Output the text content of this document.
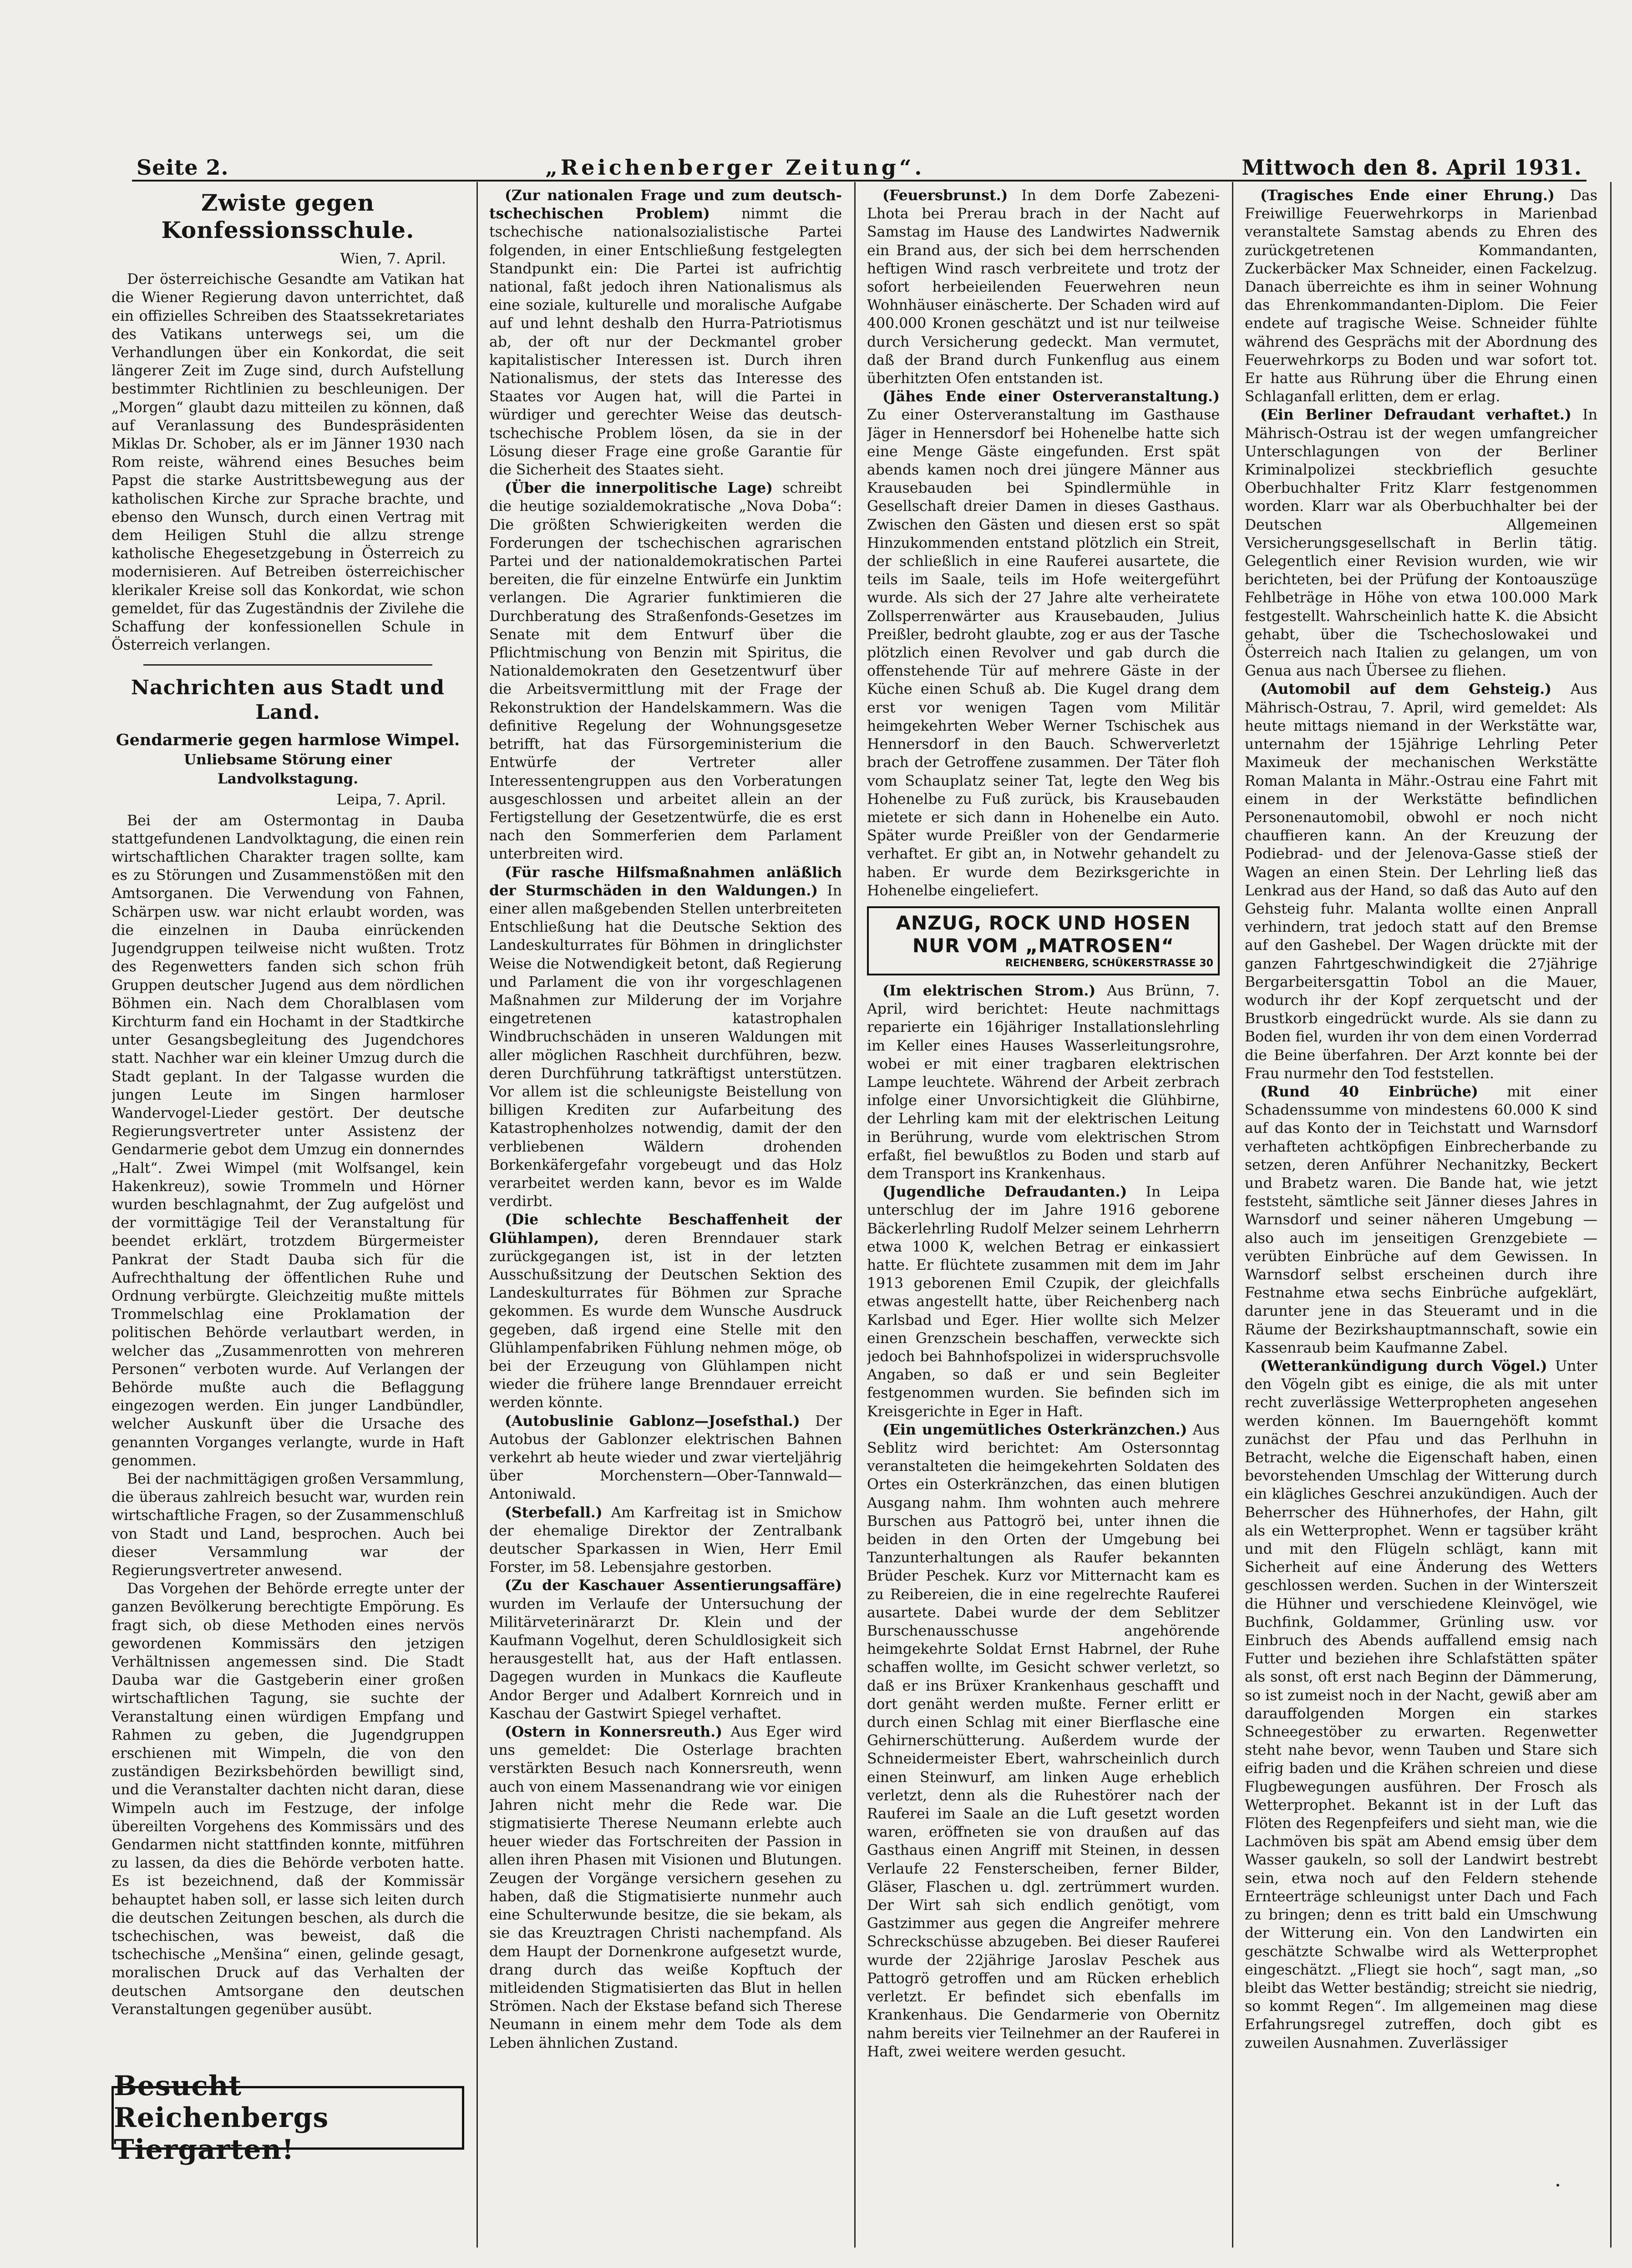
Seite 2.	„Reichenberger Zeitung“.	Mittwoch den 8. April 1931.
Zwiste gegen Konfessionsschule.
Wien, 7. April.

Der österreichische Gesandte am Vatikan hat die Wiener Regierung davon unterrichtet, daß ein offizielles Schreiben des Staatssekretariates des Vatikans unterwegs sei, um die Verhandlungen über ein Konkordat, die seit längerer Zeit im Zuge sind, durch Aufstellung bestimmter Richtlinien zu beschleunigen. Der „Morgen“ glaubt dazu mitteilen zu können, daß auf Veranlassung des Bundespräsidenten Miklas Dr. Schober, als er im Jänner 1930 nach Rom reiste, während eines Besuches beim Papst die starke Austrittsbewegung aus der katholischen Kirche zur Sprache brachte, und ebenso den Wunsch, durch einen Vertrag mit dem Heiligen Stuhl die allzu strenge katholische Ehegesetzgebung in Österreich zu modernisieren. Auf Betreiben österreichischer klerikaler Kreise soll das Konkordat, wie schon gemeldet, für das Zugeständnis der Zivilehe die Schaffung der konfessionellen Schule in Österreich verlangen.

Nachrichten aus Stadt und Land.
Gendarmerie gegen harmlose Wimpel.
Unliebsame Störung einer Landvolkstagung.
Leipa, 7. April.

Bei der am Ostermontag in Dauba stattgefundenen Landvolktagung, die einen rein wirtschaftlichen Charakter tragen sollte, kam es zu Störungen und Zusammenstößen mit den Amtsorganen. Die Verwendung von Fahnen, Schärpen usw. war nicht erlaubt worden, was die einzelnen in Dauba einrückenden Jugendgruppen teilweise nicht wußten. Trotz des Regenwetters fanden sich schon früh Gruppen deutscher Jugend aus dem nördlichen Böhmen ein. Nach dem Choralblasen vom Kirchturm fand ein Hochamt in der Stadtkirche unter Gesangsbegleitung des Jugendchores statt. Nachher war ein kleiner Umzug durch die Stadt geplant. In der Talgasse wurden die jungen Leute im Singen harmloser Wandervogel-Lieder gestört. Der deutsche Regierungsvertreter unter Assistenz der Gendarmerie gebot dem Umzug ein donnerndes „Halt“. Zwei Wimpel (mit Wolfsangel, kein Hakenkreuz), sowie Trommeln und Hörner wurden beschlagnahmt, der Zug aufgelöst und der vormittägige Teil der Veranstaltung für beendet erklärt, trotzdem Bürgermeister Pankrat der Stadt Dauba sich für die Aufrechthaltung der öffentlichen Ruhe und Ordnung verbürgte. Gleichzeitig mußte mittels Trommelschlag eine Proklamation der politischen Behörde verlautbart werden, in welcher das „Zusammenrotten von mehreren Personen“ verboten wurde. Auf Verlangen der Behörde mußte auch die Beflaggung eingezogen werden. Ein junger Landbündler, welcher Auskunft über die Ursache des genannten Vorganges verlangte, wurde in Haft genommen.

Bei der nachmittägigen großen Versammlung, die überaus zahlreich besucht war, wurden rein wirtschaftliche Fragen, so der Zusammenschluß von Stadt und Land, besprochen. Auch bei dieser Versammlung war der Regierungsvertreter anwesend.

Das Vorgehen der Behörde erregte unter der ganzen Bevölkerung berechtigte Empörung. Es fragt sich, ob diese Methoden eines nervös gewordenen Kommissärs den jetzigen Verhältnissen angemessen sind. Die Stadt Dauba war die Gastgeberin einer großen wirtschaftlichen Tagung, sie suchte der Veranstaltung einen würdigen Empfang und Rahmen zu geben, die Jugendgruppen erschienen mit Wimpeln, die von den zuständigen Bezirksbehörden bewilligt sind, und die Veranstalter dachten nicht daran, diese Wimpeln auch im Festzuge, der infolge übereilten Vorgehens des Kommissärs und des Gendarmen nicht stattfinden konnte, mitführen zu lassen, da dies die Behörde verboten hatte. Es ist bezeichnend, daß der Kommissär behauptet haben soll, er lasse sich leiten durch die deutschen Zeitungen beschen, als durch die tschechischen, was beweist, daß die tschechische „Menšina“ einen, gelinde gesagt, moralischen Druck auf das Verhalten der deutschen Amtsorgane den deutschen Veranstaltungen gegenüber ausübt.

Besucht Reichenbergs Tiergarten!

(Zur nationalen Frage und zum deutsch-tschechischen Problem) nimmt die tschechische nationalsozialistische Partei folgenden, in einer Entschließung festgelegten Standpunkt ein: Die Partei ist aufrichtig national, faßt jedoch ihren Nationalismus als eine soziale, kulturelle und moralische Aufgabe auf und lehnt deshalb den Hurra-Patriotismus ab, der oft nur der Deckmantel grober kapitalistischer Interessen ist. Durch ihren Nationalismus, der stets das Interesse des Staates vor Augen hat, will die Partei in würdiger und gerechter Weise das deutsch-tschechische Problem lösen, da sie in der Lösung dieser Frage eine große Garantie für die Sicherheit des Staates sieht.

(Über die innerpolitische Lage) schreibt die heutige sozialdemokratische „Nova Doba“: Die größten Schwierigkeiten werden die Forderungen der tschechischen agrarischen Partei und der nationaldemokratischen Partei bereiten, die für einzelne Entwürfe ein Junktim verlangen. Die Agrarier funktimieren die Durchberatung des Straßenfonds-Gesetzes im Senate mit dem Entwurf über die Pflichtmischung von Benzin mit Spiritus, die Nationaldemokraten den Gesetzentwurf über die Arbeitsvermittlung mit der Frage der Rekonstruktion der Handelskammern. Was die definitive Regelung der Wohnungsgesetze betrifft, hat das Fürsorgeministerium die Entwürfe der Vertreter aller Interessentengruppen aus den Vorberatungen ausgeschlossen und arbeitet allein an der Fertigstellung der Gesetzentwürfe, die es erst nach den Sommerferien dem Parlament unterbreiten wird.

(Für rasche Hilfsmaßnahmen anläßlich der Sturmschäden in den Waldungen.) In einer allen maßgebenden Stellen unterbreiteten Entschließung hat die Deutsche Sektion des Landeskulturrates für Böhmen in dringlichster Weise die Notwendigkeit betont, daß Regierung und Parlament die von ihr vorgeschlagenen Maßnahmen zur Milderung der im Vorjahre eingetretenen katastrophalen Windbruchschäden in unseren Waldungen mit aller möglichen Raschheit durchführen, bezw. deren Durchführung tatkräftigst unterstützen. Vor allem ist die schleunigste Beistellung von billigen Krediten zur Aufarbeitung des Katastrophenholzes notwendig, damit der den verbliebenen Wäldern drohenden Borkenkäfergefahr vorgebeugt und das Holz verarbeitet werden kann, bevor es im Walde verdirbt.

(Die schlechte Beschaffenheit der Glühlampen), deren Brenndauer stark zurückgegangen ist, ist in der letzten Ausschußsitzung der Deutschen Sektion des Landeskulturrates für Böhmen zur Sprache gekommen. Es wurde dem Wunsche Ausdruck gegeben, daß irgend eine Stelle mit den Glühlampenfabriken Fühlung nehmen möge, ob bei der Erzeugung von Glühlampen nicht wieder die frühere lange Brenndauer erreicht werden könnte.

(Autobuslinie Gablonz—Josefsthal.) Der Autobus der Gablonzer elektrischen Bahnen verkehrt ab heute wieder und zwar vierteljährig über Morchenstern—Ober-Tannwald—Antoniwald.

(Sterbefall.) Am Karfreitag ist in Smichow der ehemalige Direktor der Zentralbank deutscher Sparkassen in Wien, Herr Emil Forster, im 58. Lebensjahre gestorben.

(Zu der Kaschauer Assentierungsaffäre) wurden im Verlaufe der Untersuchung der Militärveterinärarzt Dr. Klein und der Kaufmann Vogelhut, deren Schuldlosigkeit sich herausgestellt hat, aus der Haft entlassen. Dagegen wurden in Munkacs die Kaufleute Andor Berger und Adalbert Kornreich und in Kaschau der Gastwirt Spiegel verhaftet.

(Ostern in Konnersreuth.) Aus Eger wird uns gemeldet: Die Osterlage brachten verstärkten Besuch nach Konnersreuth, wenn auch von einem Massenandrang wie vor einigen Jahren nicht mehr die Rede war. Die stigmatisierte Therese Neumann erlebte auch heuer wieder das Fortschreiten der Passion in allen ihren Phasen mit Visionen und Blutungen. Zeugen der Vorgänge versichern gesehen zu haben, daß die Stigmatisierte nunmehr auch eine Schulterwunde besitze, die sie bekam, als sie das Kreuztragen Christi nachempfand. Als dem Haupt der Dornenkrone aufgesetzt wurde, drang durch das weiße Kopftuch der mitleidenden Stigmatisierten das Blut in hellen Strömen. Nach der Ekstase befand sich Therese Neumann in einem mehr dem Tode als dem Leben ähnlichen Zustand.

(Feuersbrunst.) In dem Dorfe Zabezeni-Lhota bei Prerau brach in der Nacht auf Samstag im Hause des Landwirtes Nadwernik ein Brand aus, der sich bei dem herrschenden heftigen Wind rasch verbreitete und trotz der sofort herbeieilenden Feuerwehren neun Wohnhäuser einäscherte. Der Schaden wird auf 400.000 Kronen geschätzt und ist nur teilweise durch Versicherung gedeckt. Man vermutet, daß der Brand durch Funkenflug aus einem überhitzten Ofen entstanden ist.

(Jähes Ende einer Osterveranstaltung.) Zu einer Osterveranstaltung im Gasthause Jäger in Hennersdorf bei Hohenelbe hatte sich eine Menge Gäste eingefunden. Erst spät abends kamen noch drei jüngere Männer aus Krausebauden bei Spindlermühle in Gesellschaft dreier Damen in dieses Gasthaus. Zwischen den Gästen und diesen erst so spät Hinzukommenden entstand plötzlich ein Streit, der schließlich in eine Rauferei ausartete, die teils im Saale, teils im Hofe weitergeführt wurde. Als sich der 27 Jahre alte verheiratete Zollsperrenwärter aus Krausebauden, Julius Preißler, bedroht glaubte, zog er aus der Tasche plötzlich einen Revolver und gab durch die offenstehende Tür auf mehrere Gäste in der Küche einen Schuß ab. Die Kugel drang dem erst vor wenigen Tagen vom Militär heimgekehrten Weber Werner Tschischek aus Hennersdorf in den Bauch. Schwerverletzt brach der Getroffene zusammen. Der Täter floh vom Schauplatz seiner Tat, legte den Weg bis Hohenelbe zu Fuß zurück, bis Krausebauden mietete er sich dann in Hohenelbe ein Auto. Später wurde Preißler von der Gendarmerie verhaftet. Er gibt an, in Notwehr gehandelt zu haben. Er wurde dem Bezirksgerichte in Hohenelbe eingeliefert.

ANZUG, ROCK UND HOSEN
NUR VOM „MATROSEN“
REICHENBERG, SCHÜKERSTRASSE 30

(Im elektrischen Strom.) Aus Brünn, 7. April, wird berichtet: Heute nachmittags reparierte ein 16jähriger Installationslehrling im Keller eines Hauses Wasserleitungsrohre, wobei er mit einer tragbaren elektrischen Lampe leuchtete. Während der Arbeit zerbrach infolge einer Unvorsichtigkeit die Glühbirne, der Lehrling kam mit der elektrischen Leitung in Berührung, wurde vom elektrischen Strom erfaßt, fiel bewußtlos zu Boden und starb auf dem Transport ins Krankenhaus.

(Jugendliche Defraudanten.) In Leipa unterschlug der im Jahre 1916 geborene Bäckerlehrling Rudolf Melzer seinem Lehrherrn etwa 1000 K, welchen Betrag er einkassiert hatte. Er flüchtete zusammen mit dem im Jahr 1913 geborenen Emil Czupik, der gleichfalls etwas angestellt hatte, über Reichenberg nach Karlsbad und Eger. Hier wollte sich Melzer einen Grenzschein beschaffen, verweckte sich jedoch bei Bahnhofspolizei in widerspruchsvolle Angaben, so daß er und sein Begleiter festgenommen wurden. Sie befinden sich im Kreisgerichte in Eger in Haft.

(Ein ungemütliches Osterkränzchen.) Aus Seblitz wird berichtet: Am Ostersonntag veranstalteten die heimgekehrten Soldaten des Ortes ein Osterkränzchen, das einen blutigen Ausgang nahm. Ihm wohnten auch mehrere Burschen aus Pattogrö bei, unter ihnen die beiden in den Orten der Umgebung bei Tanzunterhaltungen als Raufer bekannten Brüder Peschek. Kurz vor Mitternacht kam es zu Reibereien, die in eine regelrechte Rauferei ausartete. Dabei wurde der dem Seblitzer Burschenausschusse angehörende heimgekehrte Soldat Ernst Habrnel, der Ruhe schaffen wollte, im Gesicht schwer verletzt, so daß er ins Brüxer Krankenhaus geschafft und dort genäht werden mußte. Ferner erlitt er durch einen Schlag mit einer Bierflasche eine Gehirnerschütterung. Außerdem wurde der Schneidermeister Ebert, wahrscheinlich durch einen Steinwurf, am linken Auge erheblich verletzt, denn als die Ruhestörer nach der Rauferei im Saale an die Luft gesetzt worden waren, eröffneten sie von draußen auf das Gasthaus einen Angriff mit Steinen, in dessen Verlaufe 22 Fensterscheiben, ferner Bilder, Gläser, Flaschen u. dgl. zertrümmert wurden. Der Wirt sah sich endlich genötigt, vom Gastzimmer aus gegen die Angreifer mehrere Schreckschüsse abzugeben. Bei dieser Rauferei wurde der 22jährige Jaroslav Peschek aus Pattogrö getroffen und am Rücken erheblich verletzt. Er befindet sich ebenfalls im Krankenhaus. Die Gendarmerie von Obernitz nahm bereits vier Teilnehmer an der Rauferei in Haft, zwei weitere werden gesucht.

(Tragisches Ende einer Ehrung.) Das Freiwillige Feuerwehrkorps in Marienbad veranstaltete Samstag abends zu Ehren des zurückgetretenen Kommandanten, Zuckerbäcker Max Schneider, einen Fackelzug. Danach überreichte es ihm in seiner Wohnung das Ehrenkommandanten-Diplom. Die Feier endete auf tragische Weise. Schneider fühlte während des Gesprächs mit der Abordnung des Feuerwehrkorps zu Boden und war sofort tot. Er hatte aus Rührung über die Ehrung einen Schlaganfall erlitten, dem er erlag.

(Ein Berliner Defraudant verhaftet.) In Mährisch-Ostrau ist der wegen umfangreicher Unterschlagungen von der Berliner Kriminalpolizei steckbrieflich gesuchte Oberbuchhalter Fritz Klarr festgenommen worden. Klarr war als Oberbuchhalter bei der Deutschen Allgemeinen Versicherungsgesellschaft in Berlin tätig. Gelegentlich einer Revision wurden, wie wir berichteten, bei der Prüfung der Kontoauszüge Fehlbeträge in Höhe von etwa 100.000 Mark festgestellt. Wahrscheinlich hatte K. die Absicht gehabt, über die Tschechoslowakei und Österreich nach Italien zu gelangen, um von Genua aus nach Übersee zu fliehen.

(Automobil auf dem Gehsteig.) Aus Mährisch-Ostrau, 7. April, wird gemeldet: Als heute mittags niemand in der Werkstätte war, unternahm der 15jährige Lehrling Peter Maximeuk der mechanischen Werkstätte Roman Malanta in Mähr.-Ostrau eine Fahrt mit einem in der Werkstätte befindlichen Personenautomobil, obwohl er noch nicht chauffieren kann. An der Kreuzung der Podiebrad- und der Jelenova-Gasse stieß der Wagen an einen Stein. Der Lehrling ließ das Lenkrad aus der Hand, so daß das Auto auf den Gehsteig fuhr. Malanta wollte einen Anprall verhindern, trat jedoch statt auf den Bremse auf den Gashebel. Der Wagen drückte mit der ganzen Fahrtgeschwindigkeit die 27jährige Bergarbeitersgattin Tobol an die Mauer, wodurch ihr der Kopf zerquetscht und der Brustkorb eingedrückt wurde. Als sie dann zu Boden fiel, wurden ihr von dem einen Vorderrad die Beine überfahren. Der Arzt konnte bei der Frau nurmehr den Tod feststellen.

(Rund 40 Einbrüche) mit einer Schadenssumme von mindestens 60.000 K sind auf das Konto der in Teichstatt und Warnsdorf verhafteten achtköpfigen Einbrecherbande zu setzen, deren Anführer Nechanitzky, Beckert und Brabetz waren. Die Bande hat, wie jetzt feststeht, sämtliche seit Jänner dieses Jahres in Warnsdorf und seiner näheren Umgebung — also auch im jenseitigen Grenzgebiete — verübten Einbrüche auf dem Gewissen. In Warnsdorf selbst erscheinen durch ihre Festnahme etwa sechs Einbrüche aufgeklärt, darunter jene in das Steueramt und in die Räume der Bezirkshauptmannschaft, sowie ein Kassenraub beim Kaufmanne Zabel.

(Wetterankündigung durch Vögel.) Unter den Vögeln gibt es einige, die als mit unter recht zuverlässige Wetterpropheten angesehen werden können. Im Bauerngehöft kommt zunächst der Pfau und das Perlhuhn in Betracht, welche die Eigenschaft haben, einen bevorstehenden Umschlag der Witterung durch ein klägliches Geschrei anzukündigen. Auch der Beherrscher des Hühnerhofes, der Hahn, gilt als ein Wetterprophet. Wenn er tagsüber kräht und mit den Flügeln schlägt, kann mit Sicherheit auf eine Änderung des Wetters geschlossen werden. Suchen in der Winterszeit die Hühner und verschiedene Kleinvögel, wie Buchfink, Goldammer, Grünling usw. vor Einbruch des Abends auffallend emsig nach Futter und beziehen ihre Schlafstätten später als sonst, oft erst nach Beginn der Dämmerung, so ist zumeist noch in der Nacht, gewiß aber am darauffolgenden Morgen ein starkes Schneegestöber zu erwarten. Regenwetter steht nahe bevor, wenn Tauben und Stare sich eifrig baden und die Krähen schreien und diese Flugbewegungen ausführen. Der Frosch als Wetterprophet. Bekannt ist in der Luft das Flöten des Regenpfeifers und sieht man, wie die Lachmöven bis spät am Abend emsig über dem Wasser gaukeln, so soll der Landwirt bestrebt sein, etwa noch auf den Feldern stehende Ernteerträge schleunigst unter Dach und Fach zu bringen; denn es tritt bald ein Umschwung der Witterung ein. Von den Landwirten ein geschätzte Schwalbe wird als Wetterprophet eingeschätzt. „Fliegt sie hoch“, sagt man, „so bleibt das Wetter beständig; streicht sie niedrig, so kommt Regen“. Im allgemeinen mag diese Erfahrungsregel zutreffen, doch gibt es zuweilen Ausnahmen. Zuverlässiger
